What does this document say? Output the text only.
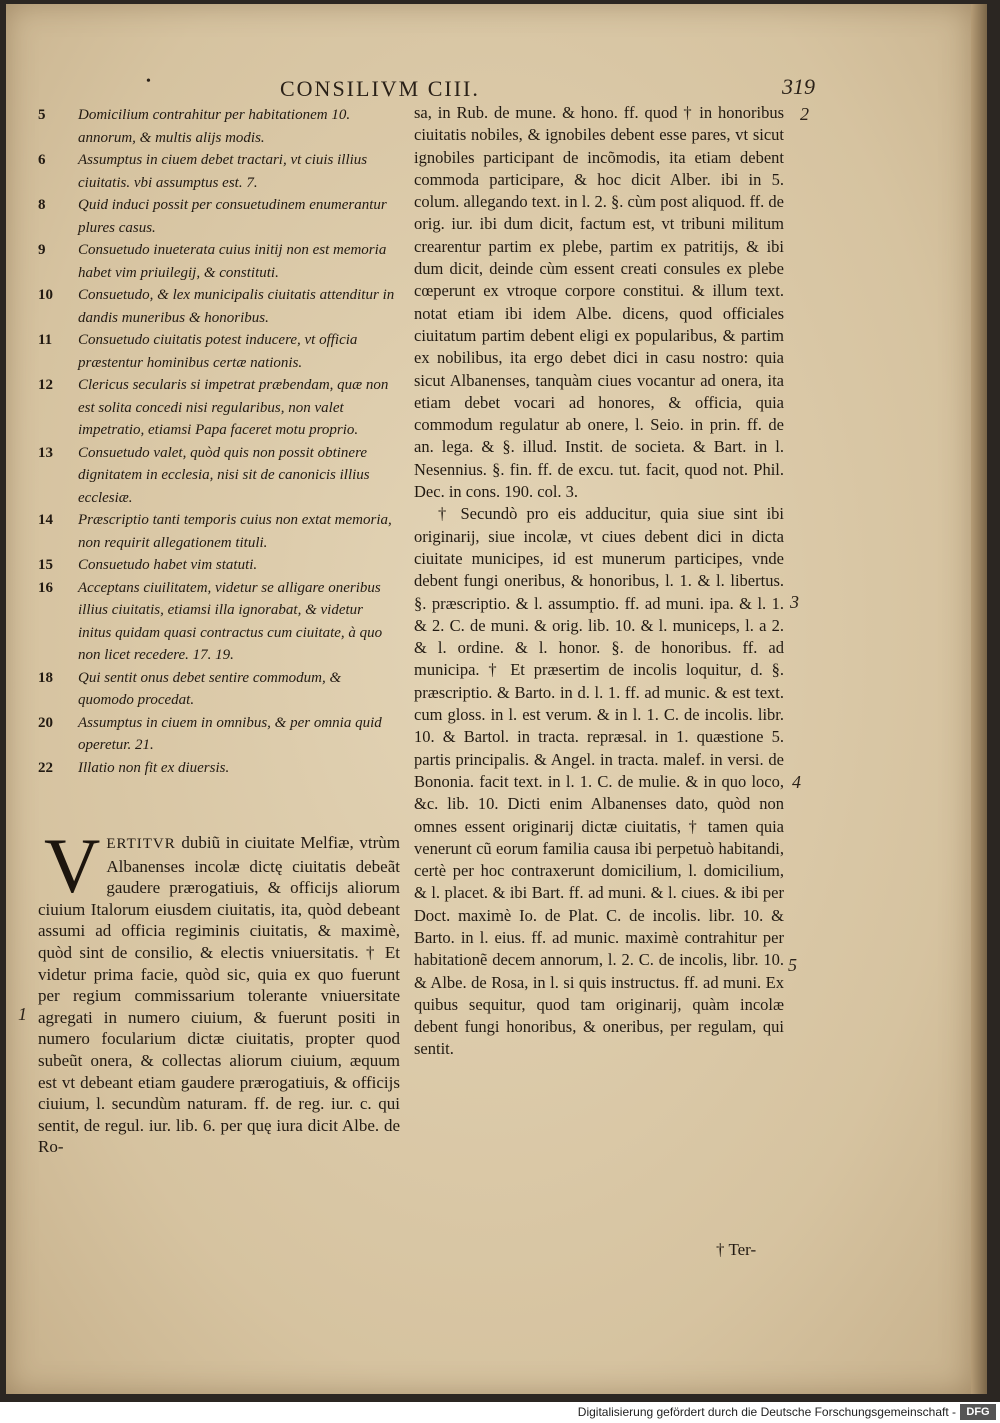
•	CONSILIVM CIII.	319
5 Domicilium contrahitur per habitationem 10. annorum, & multis alijs modis.
6 Assumptus in ciuem debet tractari, vt ciuis illius ciuitatis. vbi assumptus est. 7.
8 Quid induci possit per consuetudinem enumerantur plures casus.
9 Consuetudo inueterata cuius initij non est memoria habet vim priuilegij, & constituti.
10 Consuetudo, & lex municipalis ciuitatis attenditur in dandis muneribus & honoribus.
11 Consuetudo ciuitatis potest inducere, vt officia præstentur hominibus certæ nationis.
12 Clericus secularis si impetrat præbendam, quæ non est solita concedi nisi regularibus, non valet impetratio, etiamsi Papa faceret motu proprio.
13 Consuetudo valet, quòd quis non possit obtinere dignitatem in ecclesia, nisi sit de canonicis illius ecclesiæ.
14 Præscriptio tanti temporis cuius non extat memoria, non requirit allegationem tituli.
15 Consuetudo habet vim statuti.
16 Acceptans ciuilitatem, videtur se alligare oneribus illius ciuitatis, etiamsi illa ignorabat, & videtur initus quidam quasi contractus cum ciuitate, à quo non licet recedere. 17. 19.
18 Qui sentit onus debet sentire commodum, & quomodo procedat.
20 Assumptus in ciuem in omnibus, & per omnia quid operetur. 21.
22 Illatio non fit ex diuersis.

sa, in Rub. de mune. & hono. ff. quod † in honoribus ciuitatis nobiles, & ignobiles debent esse pares, vt sicut ignobiles participant de incõmodis, ita etiam debent commoda participare, & hoc dicit Alber. ibi in 5. colum. allegando text. in l. 2. §. cùm post aliquod. ff. de orig. iur. ibi dum dicit, factum est, vt tribuni militum crearentur partim ex plebe, partim ex patritijs, & ibi dum dicit, deinde cùm essent creati consules ex plebe cœperunt ex vtroque corpore constitui. & illum text. notat etiam ibi idem Albe. dicens, quod officiales ciuitatum partim debent eligi ex popularibus, & partim ex nobilibus, ita ergo debet dici in casu nostro: quia sicut Albanenses, tanquàm ciues vocantur ad onera, ita etiam debet vocari ad honores, & officia, quia commodum regulatur ab onere, l. Seio. in prin. ff. de an. lega. & §. illud. Instit. de societa. & Bart. in l. Nesennius. §. fin. ff. de excu. tut. facit, quod not. Phil. Dec. in cons. 190. col. 3.

† Secundò pro eis adducitur, quia siue sint ibi originarij, siue incolæ, vt ciues debent dici in dicta ciuitate municipes, id est munerum participes, vnde debent fungi oneribus, & honoribus, l. 1. & l. libertus. §. præscriptio. & l. assumptio. ff. ad muni. ipa. & l. 1. & 2. C. de muni. & orig. lib. 10. & l. municeps, l. a 2. & l. ordine. & l. honor. §. de honoribus. ff. ad municipa. † Et præsertim de incolis loquitur, d. §. præscriptio. & Barto. in d. l. 1. ff. ad munic. & est text. cum gloss. in l. est verum. & in l. 1. C. de incolis. libr. 10. & Bartol. in tracta. repræsal. in 1. quæstione 5. partis principalis. & Angel. in tracta. malef. in versi. de Bononia. facit text. in l. 1. C. de mulie. & in quo loco, &c. lib. 10. Dicti enim Albanenses dato, quòd non omnes essent originarij dictæ ciuitatis, † tamen quia venerunt cũ eorum familia causa ibi perpetuò habitandi, certè per hoc contraxerunt domicilium, l. domicilium, & l. placet. & ibi Bart. ff. ad muni. & l. ciues. & ibi per Doct. maximè Io. de Plat. C. de incolis. libr. 10. & Barto. in l. eius. ff. ad munic. maximè contrahitur per habitationẽ decem annorum, l. 2. C. de incolis, libr. 10. & Albe. de Rosa, in l. si quis instructus. ff. ad muni. Ex quibus sequitur, quod tam originarij, quàm incolæ debent fungi honoribus, & oneribus, per regulam, qui sentit.

VERTITVR dubiũ in ciuitate Melfiæ, vtrùm Albanenses incolæ dictę ciuitatis debeãt gaudere prærogatiuis, & officijs aliorum ciuium Italorum eiusdem ciuitatis, ita, quòd debeant assumi ad officia regiminis ciuitatis, & maximè, quòd sint de consilio, & electis vniuersitatis. † Et videtur prima facie, quòd sic, quia ex quo fuerunt per regium commissarium tolerante vniuersitate agregati in numero ciuium, & fuerunt positi in numero focularium dictæ ciuitatis, propter quod subeũt onera, & collectas aliorum ciuium, æquum est vt debeant etiam gaudere prærogatiuis, & officijs ciuium, l. secundùm naturam. ff. de reg. iur. c. qui sentit, de regul. iur. lib. 6. per quę iura dicit Albe. de Ro-

2
3
4
5
1
† Ter-
Digitalisierung gefördert durch die Deutsche Forschungsgemeinschaft - DFG
